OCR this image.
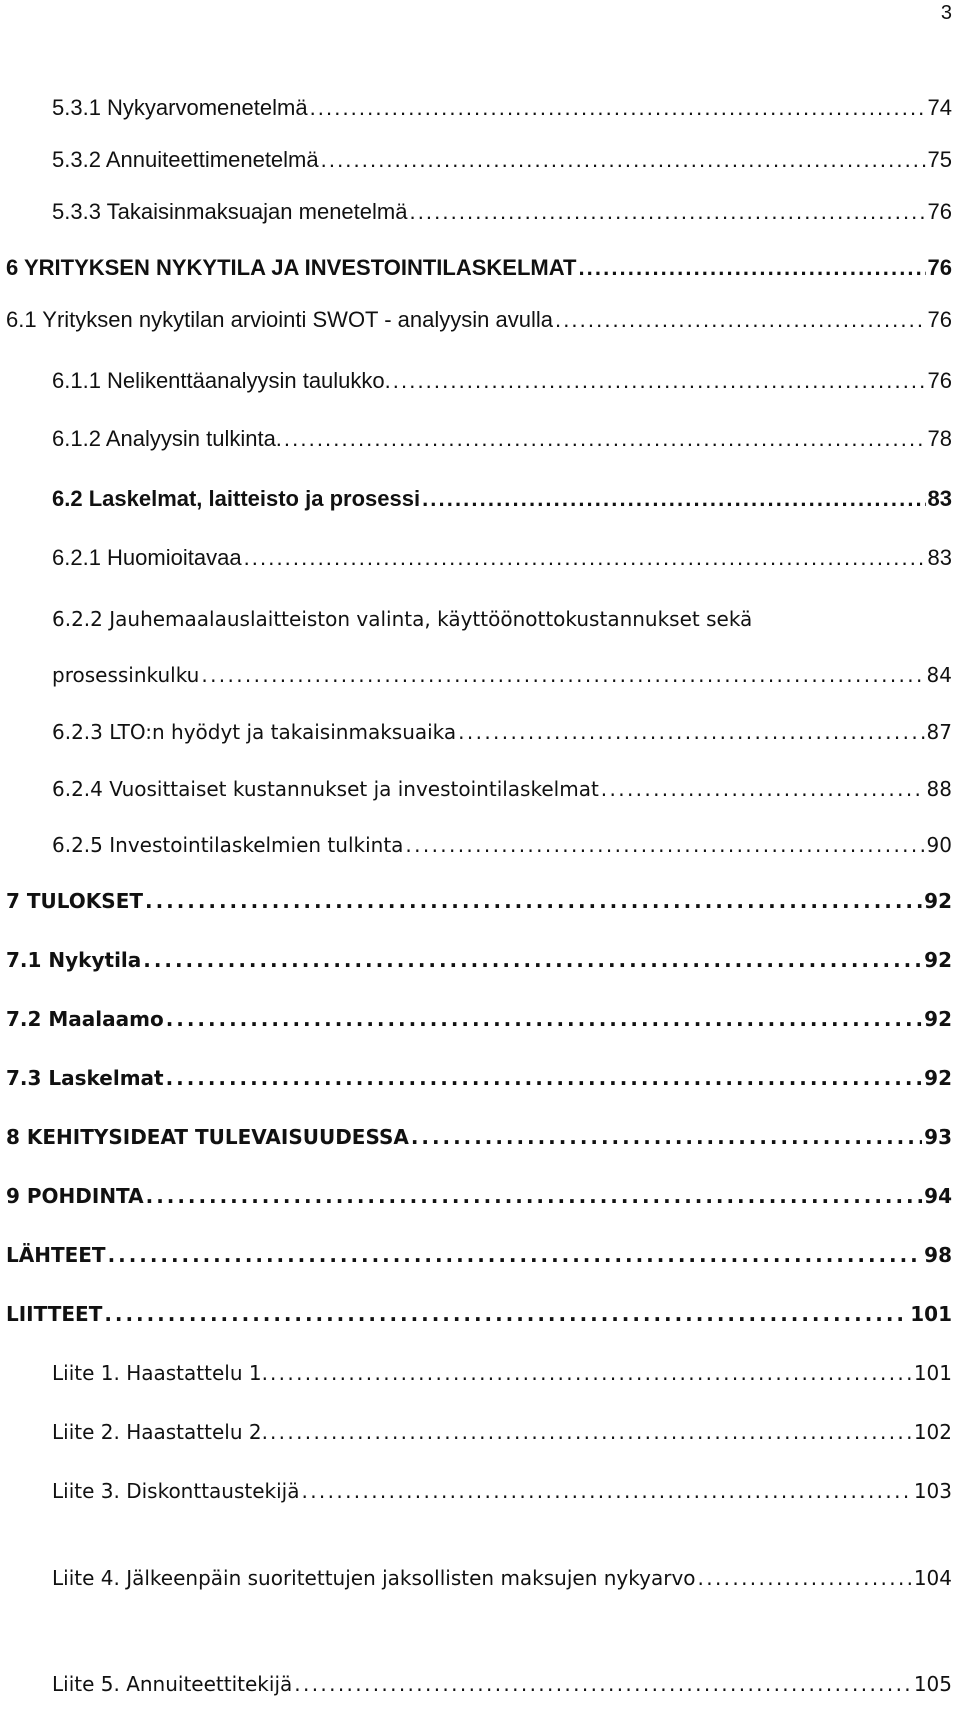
3
5.3.1 Nykyarvomenetelmä . . .	74
5.3.2 Annuiteettimenetelmä . . .	75
5.3.3 Takaisinmaksuajan menetelmä . . .	76
6 YRITYKSEN NYKYTILA JA INVESTOINTILASKELMAT . . .	76
6.1 Yrityksen nykytilan arviointi SWOT - analyysin avulla . . .	76
6.1.1 Nelikenttäanalyysin taulukko. . . .	76
6.1.2 Analyysin tulkinta. . . .	78
6.2 Laskelmat, laitteisto ja prosessi . . .	83
6.2.1 Huomioitavaa . . .	83
6.2.2 Jauhemaalauslaitteiston valinta, käyttöönottokustannukset sekä
prosessinkulku . . .	84
6.2.3 LTO:n hyödyt ja takaisinmaksuaika . . .	87
6.2.4 Vuosittaiset kustannukset ja investointilaskelmat . . .	88
6.2.5 Investointilaskelmien tulkinta . . .	90
7 TULOKSET . . .	92
7.1 Nykytila . . .	92
7.2 Maalaamo . . .	92
7.3 Laskelmat . . .	92
8 KEHITYSIDEAT TULEVAISUUDESSA . . .	93
9 POHDINTA . . .	94
LÄHTEET . . .	98
LIITTEET . . .	101
Liite 1. Haastattelu 1. . . .	101
Liite 2. Haastattelu 2. . . .	102
Liite 3. Diskonttaustekijä . . .	103
Liite 4. Jälkeenpäin suoritettujen jaksollisten maksujen nykyarvo . . .	104
Liite 5. Annuiteettitekijä . . .	105
